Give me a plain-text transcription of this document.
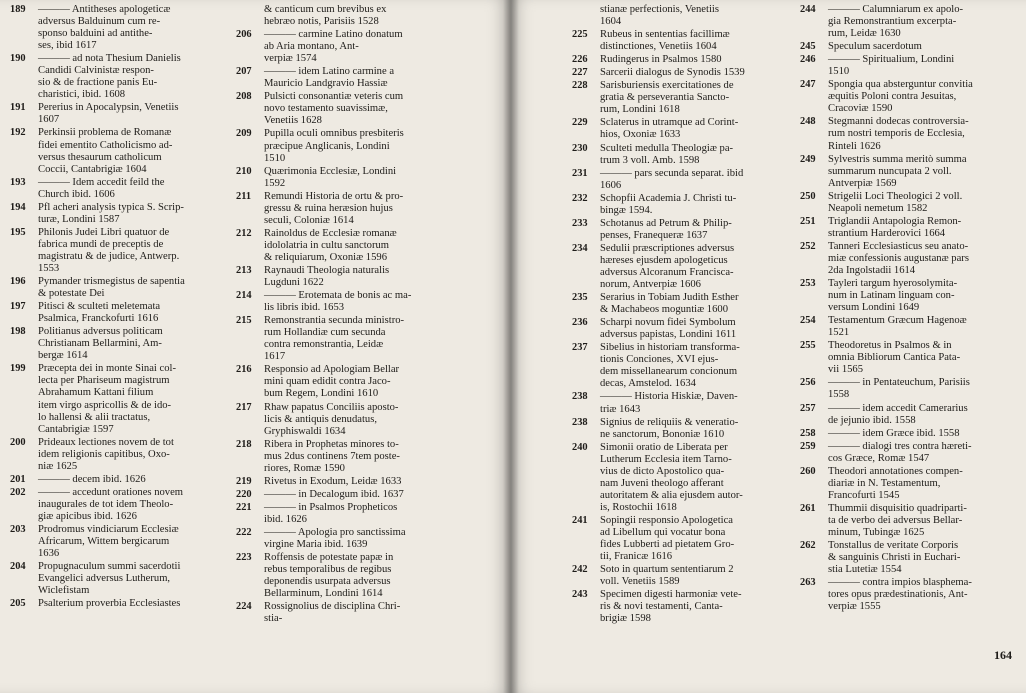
189	——— Antitheses apologeticæ
adversus Balduinum cum re-
sponso balduini ad antithe-
ses, ibid 1617
190	——— ad nota Thesium Danielis
Candidi Calvinistæ respon-
sio & de fractione panis Eu-
charistici, ibid. 1608
191	Pererius in Apocalypsin, Venetiis
1607
192	Perkinsii problema de Romanæ
fidei ementito Catholicismo ad-
versus thesaurum catholicum
Coccii, Cantabrigiæ 1604
193	——— Idem accedit feild the
Church ibid. 1606
194	Pfl acheri analysis typica S. Scrip-
turæ, Londini 1587
195	Philonis Judei Libri quatuor de
fabrica mundi de preceptis de
magistratu & de judice, Antwerp.
1553
196	Pymander trismegistus de sapentia
& potestate Dei
197	Pitisci & sculteti meletemata
Psalmica, Franckofurti 1616
198	Politianus adversus politicam
Christianam Bellarmini, Am-
bergæ 1614
199	Præcepta dei in monte Sinai col-
lecta per Phariseum magistrum
Abrahamum Kattani filium
item virgo aspricollis & de ido-
lo hallensi & alii tractatus,
Cantabrigiæ 1597
200	Prideaux lectiones novem de tot
idem religionis capitibus, Oxo-
niæ 1625
201	——— decem ibid. 1626
202	——— accedunt orationes novem
inaugurales de tot idem Theolo-
giæ apicibus ibid. 1626
203	Prodromus vindiciarum Ecclesiæ
Africarum, Wittem bergicarum
1636
204	Propugnaculum summi sacerdotii
Evangelici adversus Lutherum,
Wiclefistam
205	Psalterium proverbia Ecclesiastes
& canticum cum brevibus ex
hebræo notis, Parisiis 1528
206	——— carmine Latino donatum
ab Aria montano, Ant-
verpiæ 1574
207	——— idem Latino carmine a
Mauricio Landgravio Hassiæ
208	Pulsicti consonantiæ veteris cum
novo testamento suavissimæ,
Venetiis 1628
209	Pupilla oculi omnibus presbiteris
præcipue Anglicanis, Londini
1510
210	Quærimonia Ecclesiæ, Londini
1592
211	Remundi Historia de ortu & pro-
gressu & ruina heræsion hujus
seculi, Coloniæ 1614
212	Rainoldus de Ecclesiæ romanæ
idololatria in cultu sanctorum
& reliquiarum, Oxoniæ 1596
213	Raynaudi Theologia naturalis
Lugduni 1622
214	——— Erotemata de bonis ac ma-
lis libris ibid. 1653
215	Remonstrantia secunda ministro-
rum Hollandiæ cum secunda
contra remonstrantia, Leidæ
1617
216	Responsio ad Apologiam Bellar
mini quam edidit contra Jaco-
bum Regem, Londini 1610
217	Rhaw papatus Conciliis aposto-
licis & antiquis denudatus,
Gryphiswaldi 1634
218	Ribera in Prophetas minores to-
mus 2dus continens 7tem poste-
riores, Romæ 1590
219	Rivetus in Exodum, Leidæ 1633
220	——— in Decalogum ibid. 1637
221	——— in Psalmos Propheticos
ibid. 1626
222	——— Apologia pro sanctissima
virgine Maria ibid. 1639
223	Roffensis de potestate papæ in
rebus temporalibus de regibus
deponendis usurpata adversus
Bellarminum, Londini 1614
224	Rossignolius de disciplina Chri-
stia-
stianæ perfectionis, Venetiis
1604
225	Rubeus in sententias facillimæ
distinctiones, Venetiis 1604
226	Rudingerus in Psalmos 1580
227	Sarcerii dialogus de Synodis 1539
228	Sarisburiensis exercitationes de
gratia & perseverantia Sancto-
rum, Londini 1618
229	Sclaterus in utramque ad Corint-
hios, Oxoniæ 1633
230	Sculteti medulla Theologiæ pa-
trum 3 voll. Amb. 1598
231	——— pars secunda separat. ibid
1606
232	Schopfii Academia J. Christi tu-
bingæ 1594.
233	Schotanus ad Petrum & Philip-
penses, Franequeræ 1637
234	Sedulii præscriptiones adversus
hæreses ejusdem apologeticus
adversus Alcoranum Francisca-
norum, Antverpiæ 1606
235	Serarius in Tobiam Judith Esther
& Machabeos moguntiæ 1600
236	Scharpi novum fidei Symbolum
adversus papistas, Londini 1611
237	Sibelius in historiam transforma-
tionis Conciones, XVI ejus-
dem missellanearum concionum
decas, Amstelod. 1634
238	——— Historia Hiskiæ, Daven-
triæ 1643
238	Signius de reliquiis & veneratio-
ne sanctorum, Bononiæ 1610
240	Simonii oratio de Liberata per
Lutherum Ecclesia item Tarno-
vius de dicto Apostolico qua-
nam Juveni theologo afferant
autoritatem & alia ejusdem autor-
is, Rostochii 1618
241	Sopingii responsio Apologetica
ad Libellum qui vocatur bona
fides Lubberti ad pietatem Gro-
tii, Franicæ 1616
242	Soto in quartum sententiarum 2
voll. Venetiis 1589
243	Specimen digesti harmoniæ vete-
ris & novi testamenti, Canta-
brigiæ 1598
244	——— Calumniarum ex apolo-
gia Remonstrantium excerpta-
rum, Leidæ 1630
245	Speculum sacerdotum
246	——— Spiritualium, Londini
1510
247	Spongia qua absterguntur convitia
æquitis Poloni contra Jesuitas,
Cracoviæ 1590
248	Stegmanni dodecas controversia-
rum nostri temporis de Ecclesia,
Rinteli 1626
249	Sylvestris summa meritò summa
summarum nuncupata 2 voll.
Antverpiæ 1569
250	Strigelii Loci Theologici 2 voll.
Neapoli nemetum 1582
251	Triglandii Antapologia Remon-
strantium Harderovici 1664
252	Tanneri Ecclesiasticus seu anato-
miæ confessionis augustanæ pars
2da Ingolstadii 1614
253	Tayleri targum hyerosolymita-
num in Latinam linguam con-
versum Londini 1649
254	Testamentum Græcum Hagenoæ
1521
255	Theodoretus in Psalmos & in
omnia Bibliorum Cantica Pata-
vii 1565
256	——— in Pentateuchum, Parisiis
1558
257	——— idem accedit Camerarius
de jejunio ibid. 1558
258	——— idem Græce ibid. 1558
259	——— dialogi tres contra hæreti-
cos Græce, Romæ 1547
260	Theodori annotationes compen-
diariæ in N. Testamentum,
Francofurti 1545
261	Thummii disquisitio quadriparti-
ta de verbo dei adversus Bellar-
minum, Tubingæ 1625
262	Tonstallus de veritate Corporis
& sanguinis Christi in Euchari-
stia Lutetiæ 1554
263	——— contra impios blasphema-
tores opus prædestinationis, Ant-
verpiæ 1555
164
